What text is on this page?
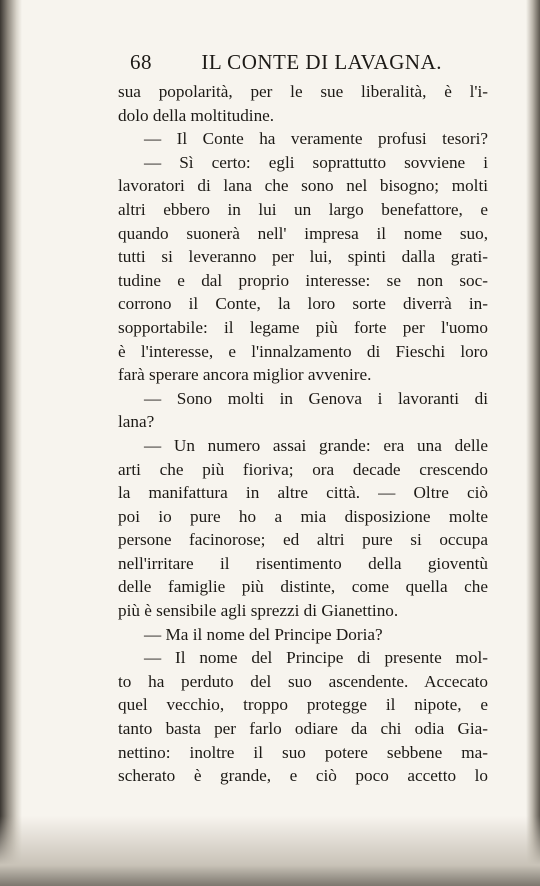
68 IL CONTE DI LAVAGNA.
sua popolarità, per le sue liberalità, è l'i-
dolo della moltitudine.
— Il Conte ha veramente profusi tesori?
— Sì certo: egli soprattutto sovviene i
lavoratori di lana che sono nel bisogno; molti
altri ebbero in lui un largo benefattore, e
quando suonerà nell' impresa il nome suo,
tutti si leveranno per lui, spinti dalla grati-
tudine e dal proprio interesse: se non soc-
corrono il Conte, la loro sorte diverrà in-
sopportabile: il legame più forte per l'uomo
è l'interesse, e l'innalzamento di Fieschi loro
farà sperare ancora miglior avvenire.
— Sono molti in Genova i lavoranti di
lana?
— Un numero assai grande: era una delle
arti che più fioriva; ora decade crescendo
la manifattura in altre città. — Oltre ciò
poi io pure ho a mia disposizione molte
persone facinorose; ed altri pure si occupa
nell'irritare il risentimento della gioventù
delle famiglie più distinte, come quella che
più è sensibile agli sprezzi di Gianettino.
— Ma il nome del Principe Doria?
— Il nome del Principe di presente mol-
to ha perduto del suo ascendente. Accecato
quel vecchio, troppo protegge il nipote, e
tanto basta per farlo odiare da chi odia Gia-
nettino: inoltre il suo potere sebbene ma-
scherato è grande, e ciò poco accetto lo
